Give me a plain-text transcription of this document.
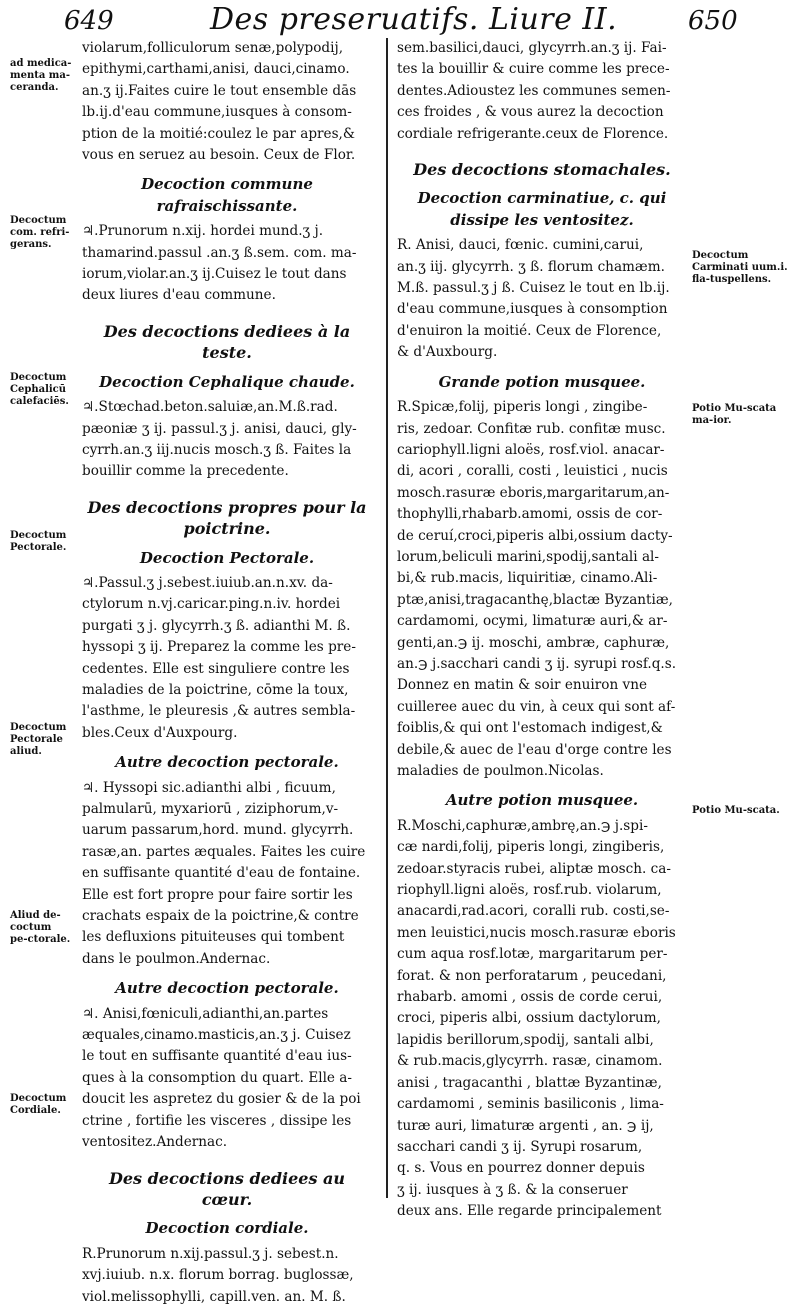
649	Des preseruatifs. Liure II.	650
violarum,folliculorum senæ,polypodij,
epithymi,carthami,anisi, dauci,cinamo.
an.ʒ ij.Faites cuire le tout ensemble dās
lb.ij.d'eau commune,iusques à consom-
ption de la moitié:coulez le par apres,&
vous en seruez au besoin. Ceux de Flor.
Decoction commune rafraischissante.
♃.Prunorum n.xij. hordei mund.ʒ j.
thamarind.passul .an.ʒ ß.sem. com. ma-
iorum,violar.an.ʒ ij.Cuisez le tout dans
deux liures d'eau commune.
Des decoctions dediees à la teste.
Decoction Cephalique chaude.
♃.Stœchad.beton.saluiæ,an.M.ß.rad.
pæoniæ ʒ ij. passul.ʒ j. anisi, dauci, gly-
cyrrh.an.ʒ iij.nucis mosch.ʒ ß. Faites la
bouillir comme la precedente.
Des decoctions propres pour la poictrine.
Decoction Pectorale.
♃.Passul.ʒ j.sebest.iuiub.an.n.xv. da-
ctylorum n.vj.caricar.ping.n.iv. hordei
purgati ʒ j. glycyrrh.ʒ ß. adianthi M. ß.
hyssopi ʒ ij. Preparez la comme les pre-
cedentes. Elle est singuliere contre les
maladies de la poictrine, cōme la toux,
l'asthme, le pleuresis ,& autres sembla-
bles.Ceux d'Auxpourg.
Autre decoction pectorale.
♃. Hyssopi sic.adianthi albi , ficuum,
palmularū, myxariorū , ziziphorum,v-
uarum passarum,hord. mund. glycyrrh.
rasæ,an. partes æquales. Faites les cuire
en suffisante quantité d'eau de fontaine.
Elle est fort propre pour faire sortir les
crachats espaix de la poictrine,& contre
les defluxions pituiteuses qui tombent
dans le poulmon.Andernac.
Autre decoction pectorale.
♃. Anisi,fœniculi,adianthi,an.partes
æquales,cinamo.masticis,an.ʒ j. Cuisez
le tout en suffisante quantité d'eau ius-
ques à la consomption du quart. Elle a-
doucit les aspretez du gosier & de la poi
ctrine , fortifie les visceres , dissipe les
ventositez.Andernac.
Des decoctions dediees au cœur.
Decoction cordiale.
R.Prunorum n.xij.passul.ʒ j. sebest.n.
xvj.iuiub. n.x. florum borrag. buglossæ,
viol.melissophylli, capill.ven. an. M. ß.
sem.basilici,dauci, glycyrrh.an.ʒ ij. Fai-
tes la bouillir & cuire comme les prece-
dentes.Adioustez les communes semen-
ces froides , & vous aurez la decoction
cordiale refrigerante.ceux de Florence.
Des decoctions stomachales.
Decoction carminatiue, c. qui dissipe les ventositez.
R. Anisi, dauci, fœnic. cumini,carui,
an.ʒ iij. glycyrrh. ʒ ß. florum chamæm.
M.ß. passul.ʒ j ß. Cuisez le tout en lb.ij.
d'eau commune,iusques à consomption
d'enuiron la moitié. Ceux de Florence,
& d'Auxbourg.
Grande potion musquee.
R.Spicæ,folij, piperis longi , zingibe-
ris, zedoar. Confitæ rub. confitæ musc.
cariophyll.ligni aloës, rosf.viol. anacar-
di, acori , coralli, costi , leuistici , nucis
mosch.rasuræ eboris,margaritarum,an-
thophylli,rhabarb.amomi, ossis de cor-
de ceruí,croci,piperis albi,ossium dacty-
lorum,beliculi marini,spodij,santali al-
bi,& rub.macis, liquiritiæ, cinamo.Ali-
ptæ,anisi,tragacanthę,blactæ Byzantiæ,
cardamomi, ocymi, limaturæ auri,& ar-
genti,an.℈ ij. moschi, ambræ, caphuræ,
an.℈ j.sacchari candi ʒ ij. syrupi rosf.q.s.
Donnez en matin & soir enuiron vne
cuilleree auec du vin, à ceux qui sont af-
foiblis,& qui ont l'estomach indigest,&
debile,& auec de l'eau d'orge contre les
maladies de poulmon.Nicolas.
Autre potion musquee.
R.Moschi,caphuræ,ambrę,an.℈ j.spi-
cæ nardi,folij, piperis longi, zingiberis,
zedoar.styracis rubei, aliptæ mosch. ca-
riophyll.ligni aloës, rosf.rub. violarum,
anacardi,rad.acori, coralli rub. costi,se-
men leuistici,nucis mosch.rasuræ eboris
cum aqua rosf.lotæ, margaritarum per-
forat. & non perforatarum , peucedani,
rhabarb. amomi , ossis de corde cerui,
croci, piperis albi, ossium dactylorum,
lapidis berillorum,spodij, santali albi,
& rub.macis,glycyrrh. rasæ, cinamom.
anisi , tragacanthi , blattæ Byzantinæ,
cardamomi , seminis basiliconis , lima-
turæ auri, limaturæ argenti , an. ℈ ij,
sacchari candi ʒ ij. Syrupi rosarum,
q. s. Vous en pourrez donner depuis
ʒ ij. iusques à ʒ ß. & la conseruer
deux ans. Elle regarde principalement
ad medica-menta ma-ceranda.
Decoctum com. refri-gerans.
Decoctum Cephalicū calefaciēs.
Decoctum Pectorale.
Decoctum Pectorale aliud.
Aliud de-coctum pe-ctorale.
Decoctum Cordiale.
Decoctum Carminati uum.i. fla-tuspellens.
Potio Mu-scata ma-ior.
Potio Mu-scata.
